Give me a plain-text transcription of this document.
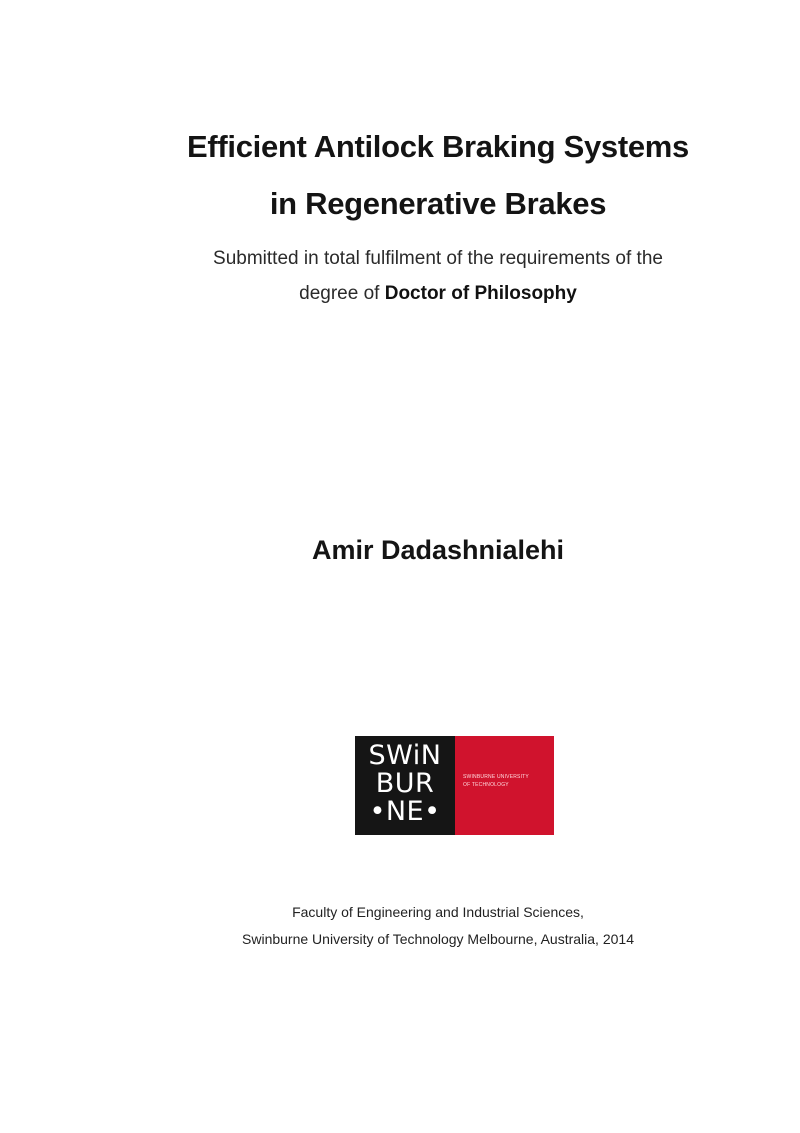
Efficient Antilock Braking Systems
in Regenerative Brakes
Submitted in total fulfilment of the requirements of the
degree of Doctor of Philosophy
Amir Dadashnialehi
SWiN
BUR
•NE•
SWINBURNE UNIVERSITY
OF TECHNOLOGY
Faculty of Engineering and Industrial Sciences,
Swinburne University of Technology Melbourne, Australia, 2014
